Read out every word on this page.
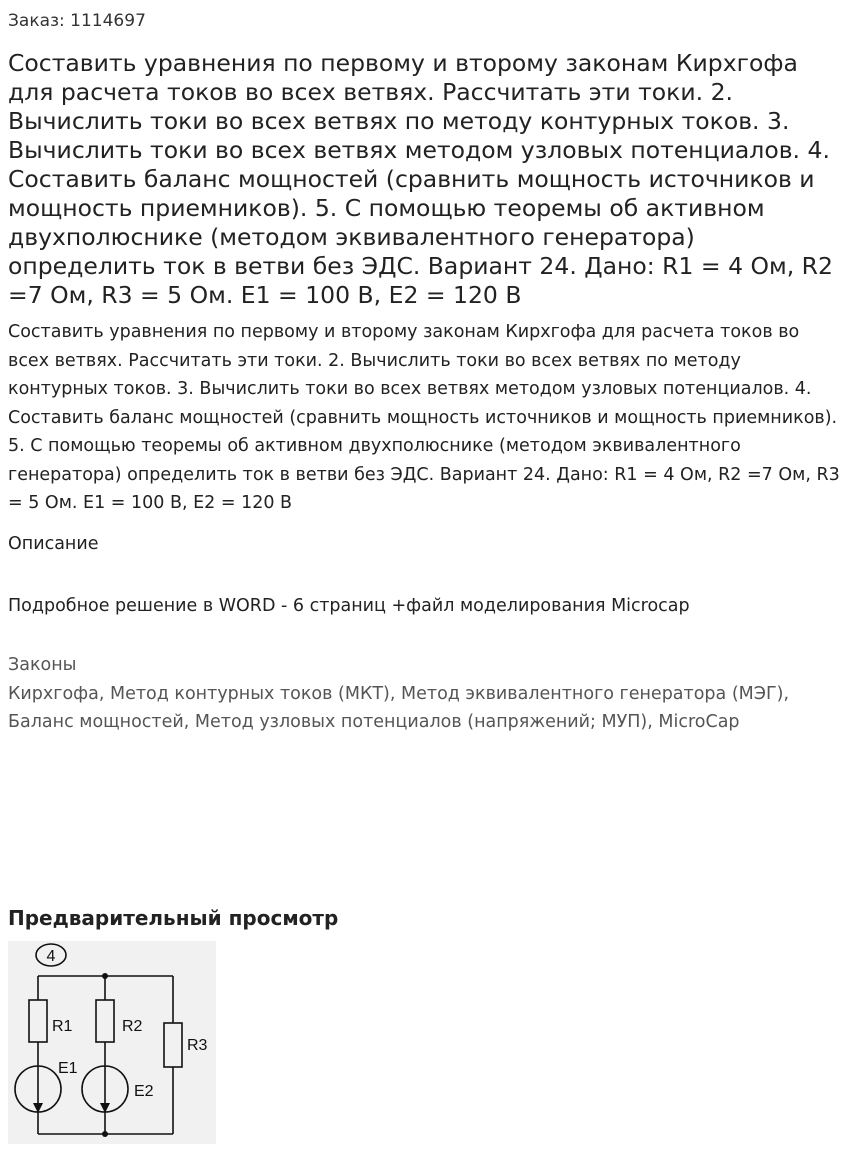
Заказ: 1114697
Составить уравнения по первому и второму законам Кирхгофа для расчета токов во всех ветвях. Рассчитать эти токи. 2. Вычислить токи во всех ветвях по методу контурных токов. 3. Вычислить токи во всех ветвях методом узловых потенциалов. 4. Составить баланс мощностей (сравнить мощность источников и мощность приемников). 5. С помощью теоремы об активном двухполюснике (методом эквивалентного генератора) определить ток в ветви без ЭДС. Вариант 24. Дано: R1 = 4 Ом, R2 =7 Ом, R3 = 5 Ом. E1 = 100 В, E2 = 120 В

Составить уравнения по первому и второму законам Кирхгофа для расчета токов во всех ветвях. Рассчитать эти токи. 2. Вычислить токи во всех ветвях по методу контурных токов. 3. Вычислить токи во всех ветвях методом узловых потенциалов. 4. Составить баланс мощностей (сравнить мощность источников и мощность приемников). 5. С помощью теоремы об активном двухполюснике (методом эквивалентного генератора) определить ток в ветви без ЭДС. Вариант 24. Дано: R1 = 4 Ом, R2 =7 Ом, R3 = 5 Ом. E1 = 100 В, E2 = 120 В

Описание
Подробное решение в WORD - 6 страниц +файл моделирования Microcap
Законы
Кирхгофа, Метод контурных токов (МКТ), Метод эквивалентного генератора (МЭГ), Баланс мощностей, Метод узловых потенциалов (напряжений; МУП), MicroCap
Предварительный просмотр
4
R1	R2
R3
E1
E2
